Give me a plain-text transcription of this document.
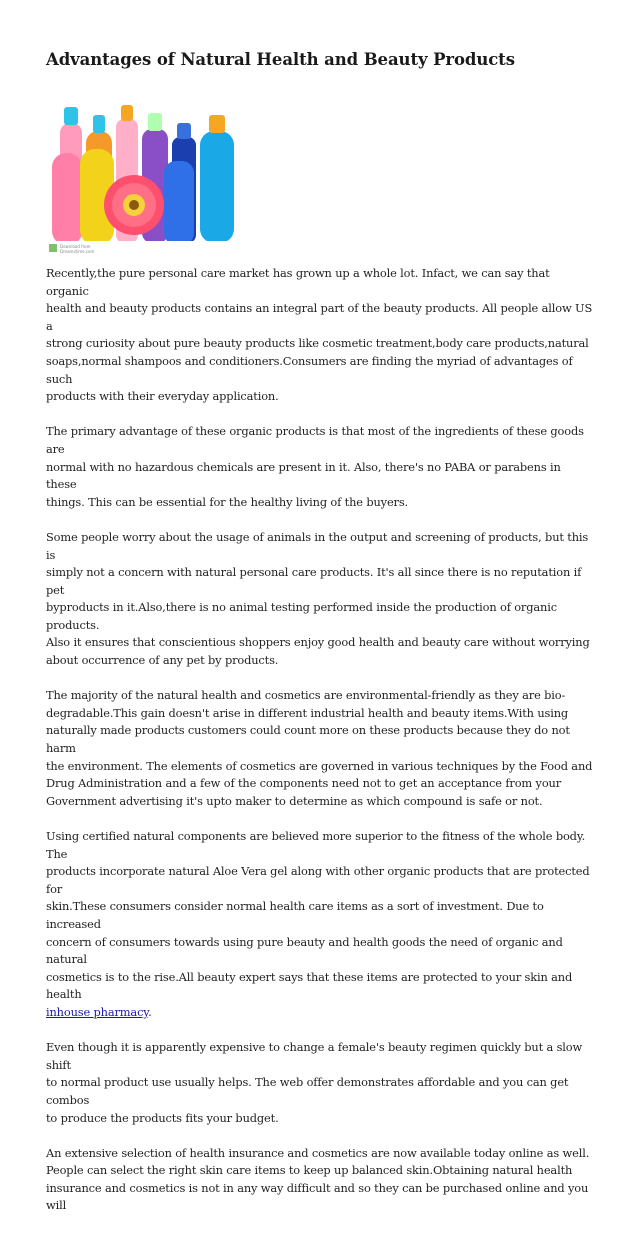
Advantages of Natural Health and Beauty Products
Download from
Dreamstime.com

Recently,the pure personal care market has grown up a whole lot. Infact, we can say that organic
health and beauty products contains an integral part of the beauty products. All people allow US a
strong curiosity about pure beauty products like cosmetic treatment,body care products,natural
soaps,normal shampoos and conditioners.Consumers are finding the myriad of advantages of such
products with their everyday application.

The primary advantage of these organic products is that most of the ingredients of these goods are
normal with no hazardous chemicals are present in it. Also, there's no PABA or parabens in these
things. This can be essential for the healthy living of the buyers.

Some people worry about the usage of animals in the output and screening of products, but this is
simply not a concern with natural personal care products. It's all since there is no reputation if pet
byproducts in it.Also,there is no animal testing performed inside the production of organic products.
Also it ensures that conscientious shoppers enjoy good health and beauty care without worrying
about occurrence of any pet by products.

The majority of the natural health and cosmetics are environmental-friendly as they are bio-
degradable.This gain doesn't arise in different industrial health and beauty items.With using
naturally made products customers could count more on these products because they do not harm
the environment. The elements of cosmetics are governed in various techniques by the Food and
Drug Administration and a few of the components need not to get an acceptance from your
Government advertising it's upto maker to determine as which compound is safe or not.

Using certified natural components are believed more superior to the fitness of the whole body. The
products incorporate natural Aloe Vera gel along with other organic products that are protected for
skin.These consumers consider normal health care items as a sort of investment. Due to increased
concern of consumers towards using pure beauty and health goods the need of organic and natural
cosmetics is to the rise.All beauty expert says that these items are protected to your skin and health
inhouse pharmacy.

Even though it is apparently expensive to change a female's beauty regimen quickly but a slow shift
to normal product use usually helps. The web offer demonstrates affordable and you can get combos
to produce the products fits your budget.

An extensive selection of health insurance and cosmetics are now available today online as well.
People can select the right skin care items to keep up balanced skin.Obtaining natural health
insurance and cosmetics is not in any way difficult and so they can be purchased online and you will
